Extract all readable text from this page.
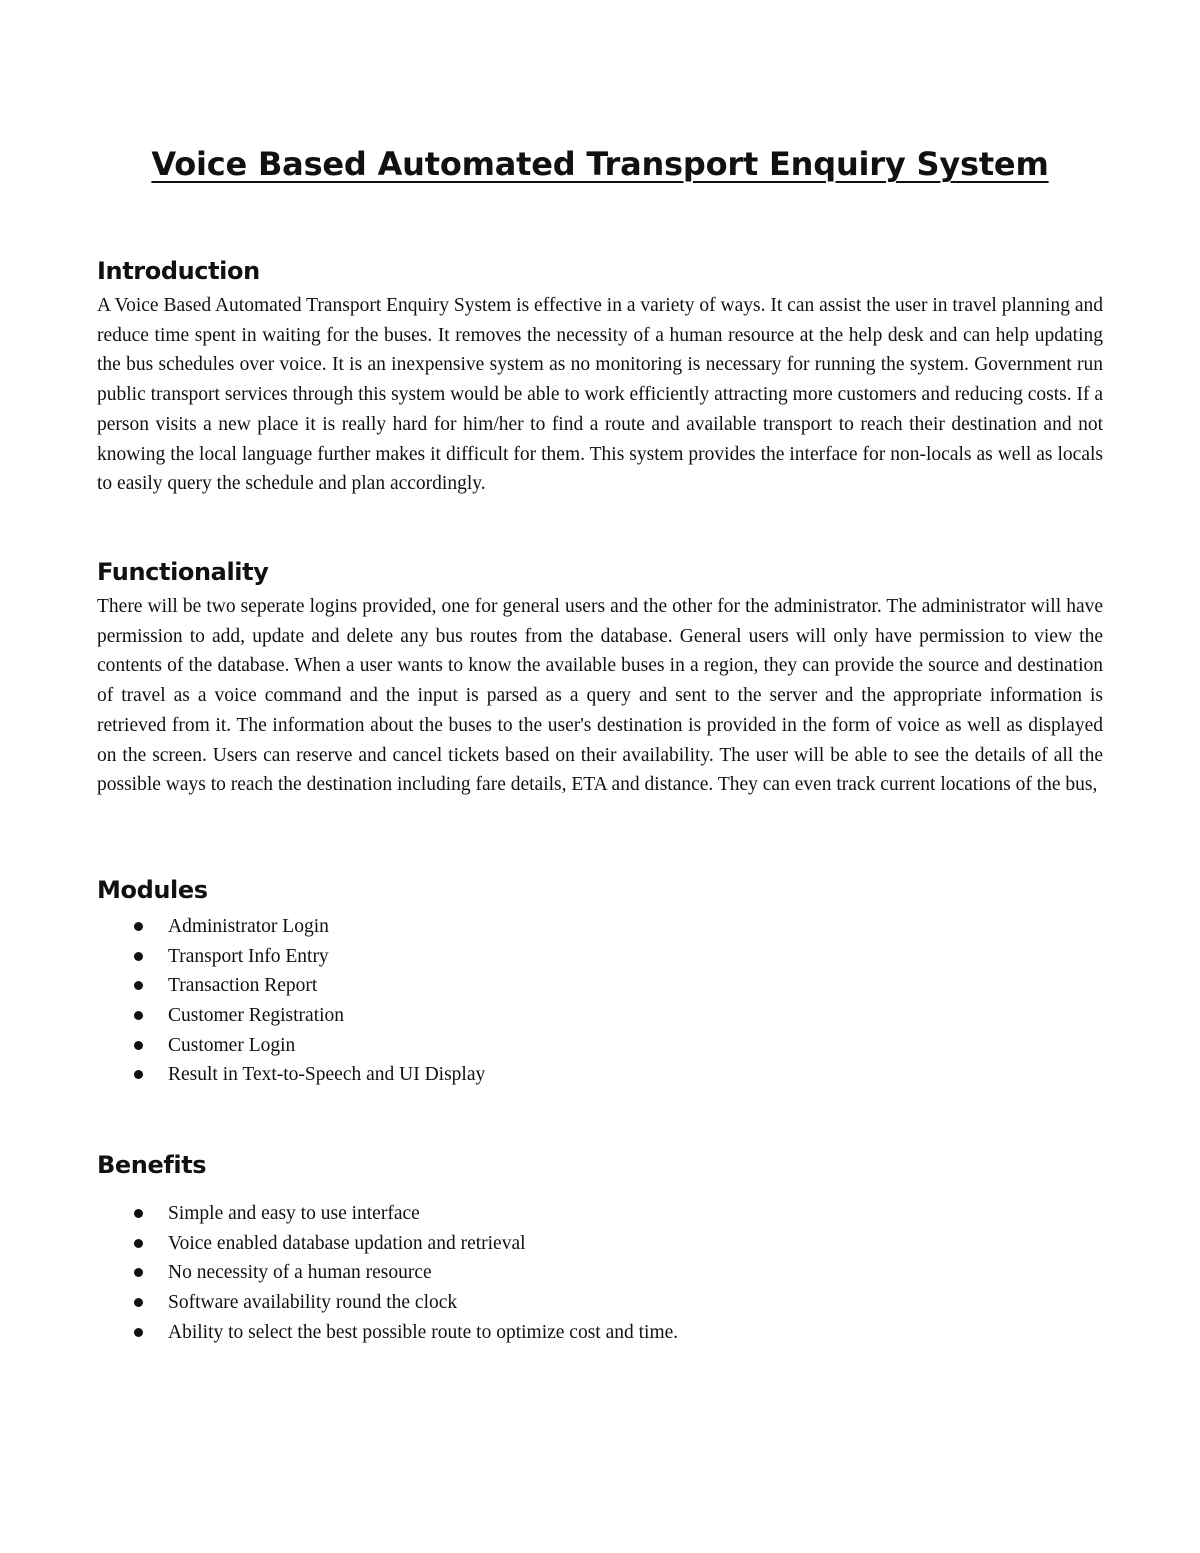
Voice Based Automated Transport Enquiry System
Introduction

A Voice Based Automated Transport Enquiry System is effective in a variety of ways. It can assist the user in travel planning and reduce time spent in waiting for the buses. It removes the necessity of a human resource at the help desk and can help updating the bus schedules over voice. It is an inexpensive system as no monitoring is necessary for running the system. Government run public transport services through this system would be able to work efficiently attracting more customers and reducing costs. If a person visits a new place it is really hard for him/her to find a route and available transport to reach their destination and not knowing the local language further makes it difficult for them. This system provides the interface for non-locals as well as locals to easily query the schedule and plan accordingly.

Functionality

There will be two seperate logins provided, one for general users and the other for the administrator. The administrator will have permission to add, update and delete any bus routes from the database. General users will only have permission to view the contents of the database. When a user wants to know the available buses in a region, they can provide the source and destination of travel as a voice command and the input is parsed as a query and sent to the server and the appropriate information is retrieved from it. The information about the buses to the user's destination is provided in the form of voice as well as displayed on the screen. Users can reserve and cancel tickets based on their availability. The user will be able to see the details of all the possible ways to reach the destination including fare details, ETA and distance. They can even track current locations of the bus,

Modules
Administrator Login
Transport Info Entry
Transaction Report
Customer Registration
Customer Login
Result in Text-to-Speech and UI Display
Benefits
Simple and easy to use interface
Voice enabled database updation and retrieval
No necessity of a human resource
Software availability round the clock
Ability to select the best possible route to optimize cost and time.
